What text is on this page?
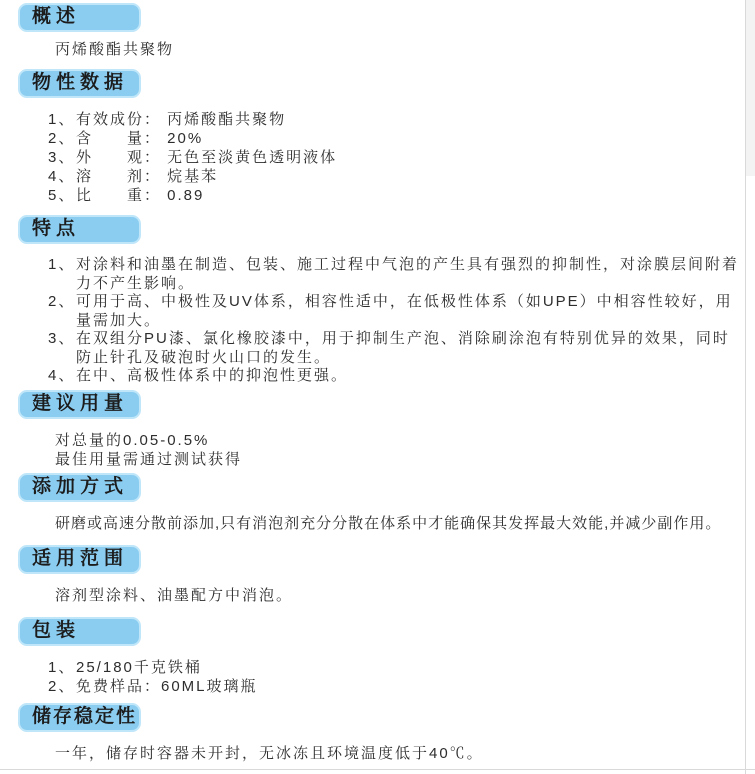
概述

丙烯酸酯共聚物

物性数据
1、 有效成份： 丙烯酸酯共聚物
2、 含　　量： 20%
3、 外　　观： 无色至淡黄色透明液体
4、 溶　　剂： 烷基苯
5、 比　　重： 0.89
特点
1、 对涂料和油墨在制造、包装、施工过程中气泡的产生具有强烈的抑制性，对涂膜层间附着力不产生影响。
2、 可用于高、中极性及UV体系，相容性适中，在低极性体系（如UPE）中相容性较好，用量需加大。
3、 在双组分PU漆、氯化橡胶漆中，用于抑制生产泡、消除刷涂泡有特别优异的效果，同时防止针孔及破泡时火山口的发生。
4、 在中、高极性体系中的抑泡性更强。
建议用量

对总量的0.05-0.5%

最佳用量需通过测试获得

添加方式

研磨或高速分散前添加,只有消泡剂充分分散在体系中才能确保其发挥最大效能,并减少副作用。

适用范围

溶剂型涂料、油墨配方中消泡。

包装
1、 25/180千克铁桶
2、 免费样品：60ML玻璃瓶
储存稳定性

一年，储存时容器未开封，无冰冻且环境温度低于40℃。
